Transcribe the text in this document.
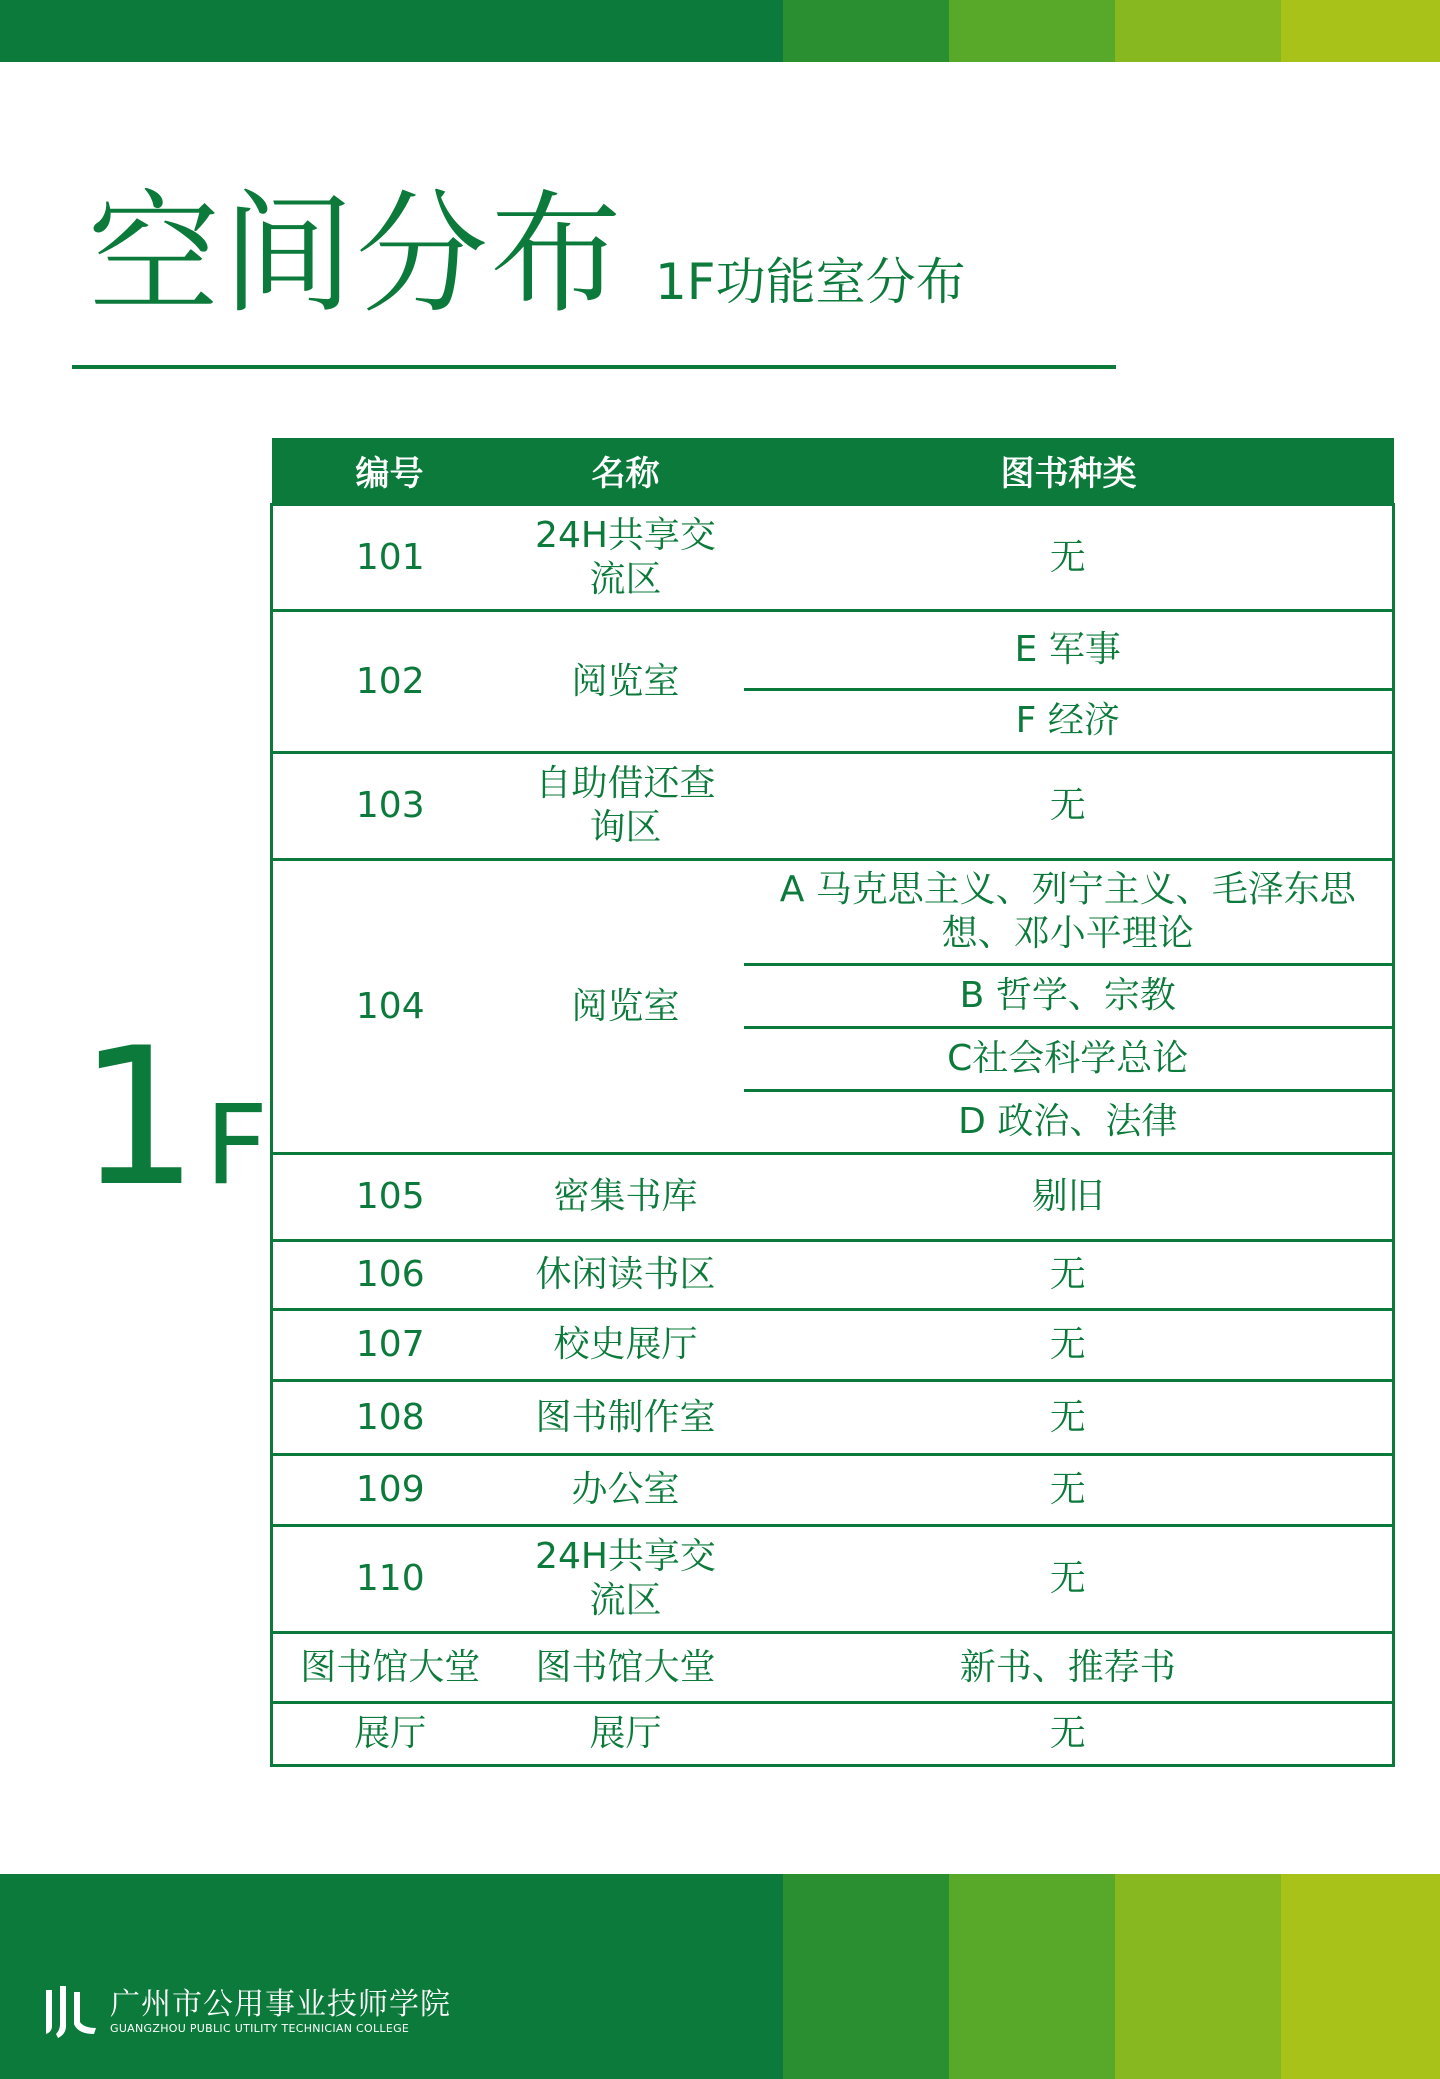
空间分布 1F功能室分布
1F
编号	名称	图书种类
101	24H共享交
流区	无
102	阅览室	E 军事
		F 经济
103	自助借还查
询区	无
104	阅览室	A 马克思主义、列宁主义、毛泽东思
想、邓小平理论
		B 哲学、宗教
		C社会科学总论
		D 政治、法律
105	密集书库	剔旧
106	休闲读书区	无
107	校史展厅	无
108	图书制作室	无
109	办公室	无
110	24H共享交
流区	无
图书馆大堂	图书馆大堂	新书、推荐书
展厅	展厅	无
广州市公用事业技师学院
GUANGZHOU PUBLIC UTILITY TECHNICIAN COLLEGE
